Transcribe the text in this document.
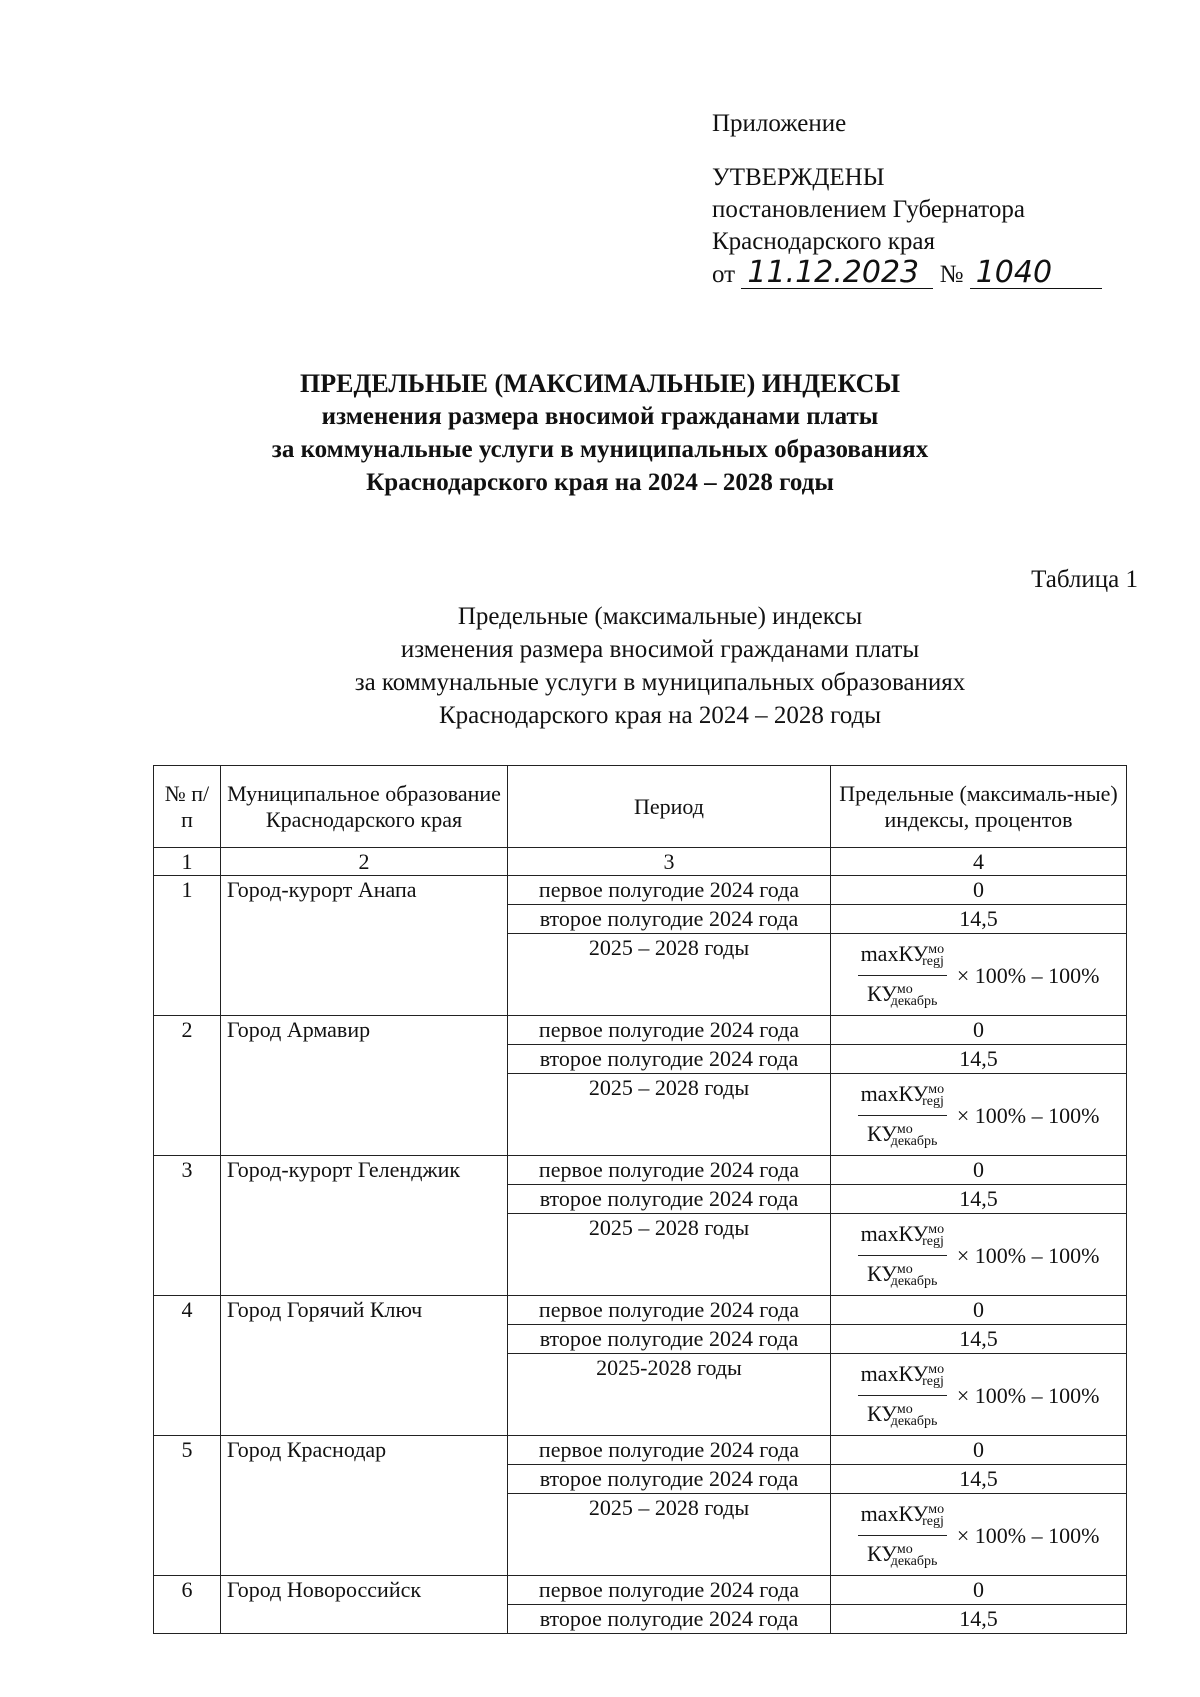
Приложение
УТВЕРЖДЕНЫ
постановлением Губернатора
Краснодарского края
от 11.12.2023 № 1040
ПРЕДЕЛЬНЫЕ (МАКСИМАЛЬНЫЕ) ИНДЕКСЫ
изменения размера вносимой гражданами платы
за коммунальные услуги в муниципальных образованиях
Краснодарского края на 2024 – 2028 годы
Таблица 1
Предельные (максимальные) индексы
изменения размера вносимой гражданами платы
за коммунальные услуги в муниципальных образованиях
Краснодарского края на 2024 – 2028 годы
№ п/п	Муниципальное образование Краснодарского края	Период	Предельные (максималь-ные) индексы, процентов
1	2	3	4
1	Город-курорт Анапа	первое полугодие 2024 года	0
		второе полугодие 2024 года	14,5
		2025 – 2028 годы	$\frac{\max КУ^{мо}_{regj}}{КУ^{мо}_{декабрь}} \times 100\% - 100\%$

2	Город Армавир	первое полугодие 2024 года	0
		второе полугодие 2024 года	14,5
		2025 – 2028 годы	$\frac{\max КУ^{мо}_{regj}}{КУ^{мо}_{декабрь}} \times 100\% - 100\%$

3	Город-курорт Геленджик	первое полугодие 2024 года	0
		второе полугодие 2024 года	14,5
		2025 – 2028 годы	$\frac{\max КУ^{мо}_{regj}}{КУ^{мо}_{декабрь}} \times 100\% - 100\%$

4	Город Горячий Ключ	первое полугодие 2024 года	0
		второе полугодие 2024 года	14,5
		2025-2028 годы	$\frac{\max КУ^{мо}_{regj}}{КУ^{мо}_{декабрь}} \times 100\% - 100\%$

5	Город Краснодар	первое полугодие 2024 года	0
		второе полугодие 2024 года	14,5
		2025 – 2028 годы	$\frac{\max КУ^{мо}_{regj}}{КУ^{мо}_{декабрь}} \times 100\% - 100\%$

6	Город Новороссийск	первое полугодие 2024 года	0
		второе полугодие 2024 года	14,5
